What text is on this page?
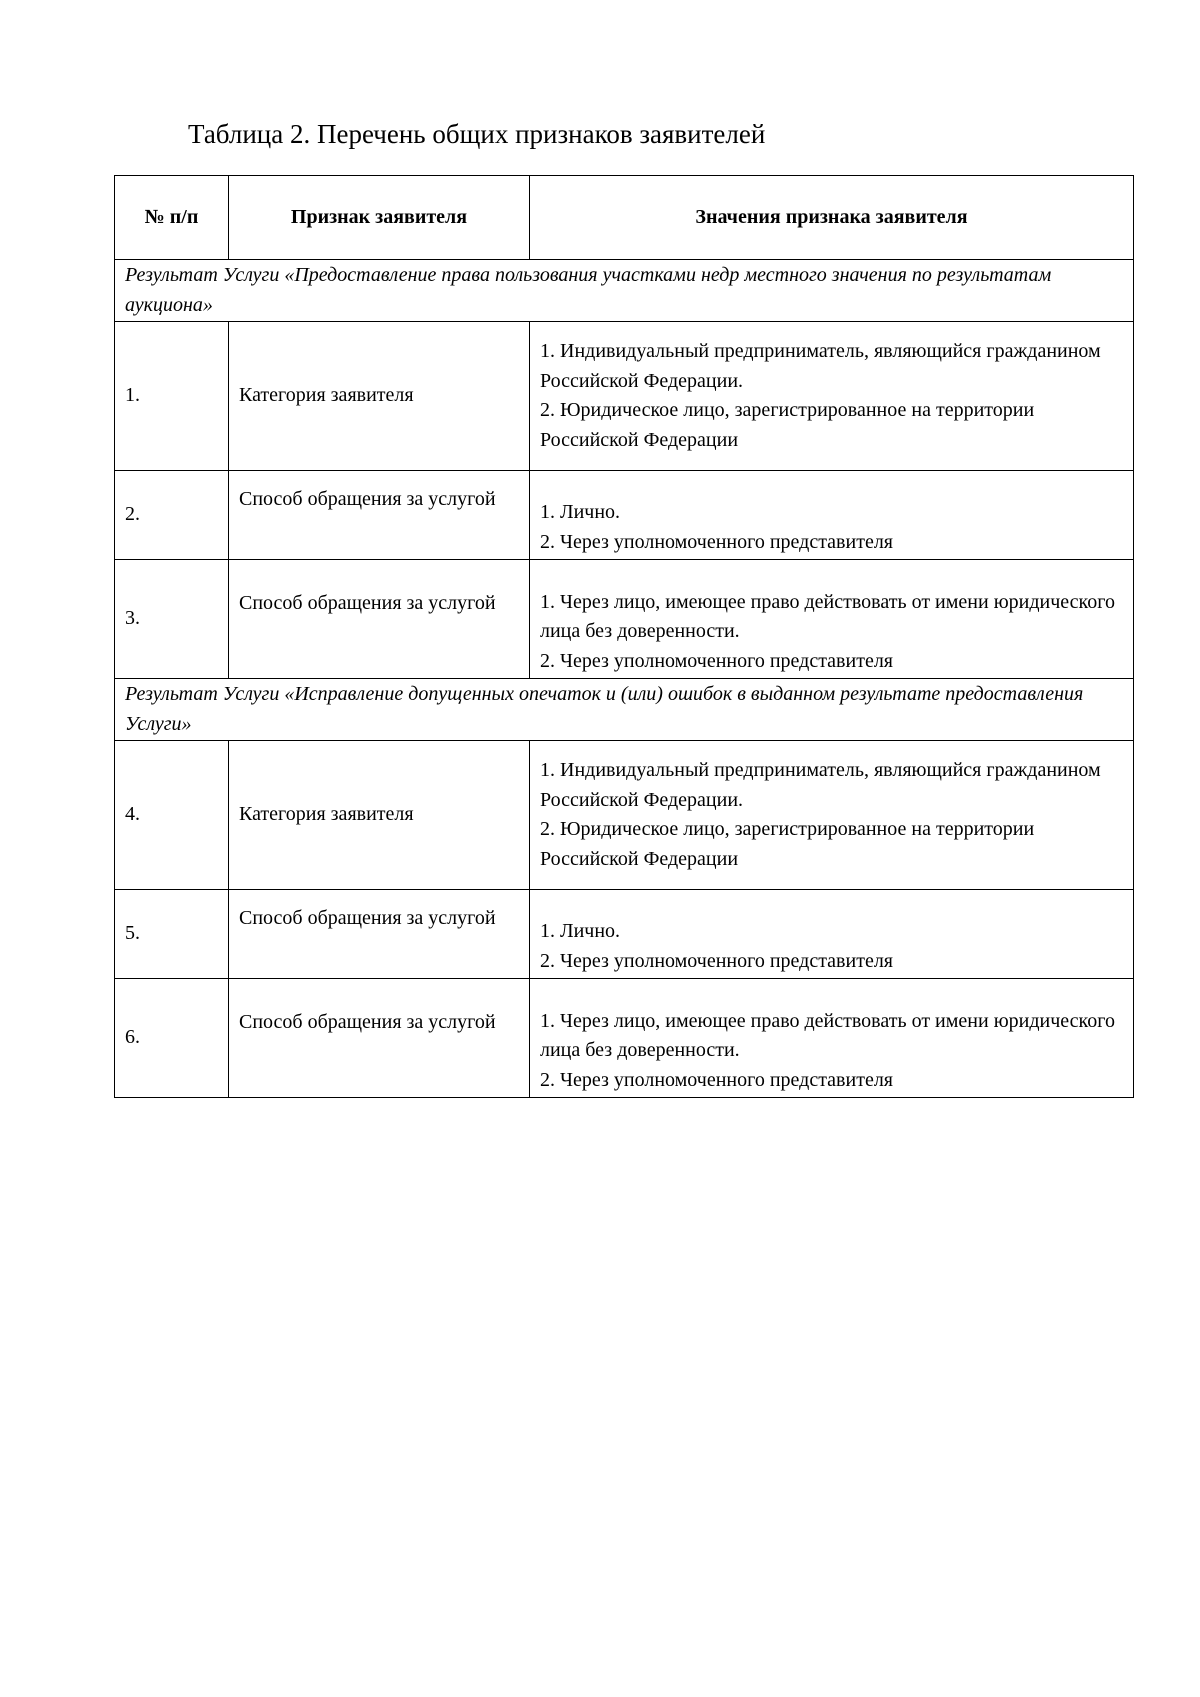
Таблица 2. Перечень общих признаков заявителей
№ п/п	Признак заявителя	Значения признака заявителя
Результат Услуги «Предоставление права пользования участками недр местного значения по результатам аукциона»		
1.	Категория заявителя	1. Индивидуальный предприниматель, являющийся гражданином Российской Федерации.
2. Юридическое лицо, зарегистрированное на территории Российской Федерации

2.	Способ обращения за услугой	1. Лично.
2. Через уполномоченного представителя

3.	Способ обращения за услугой	1. Через лицо, имеющее право действовать от имени юридического лица без доверенности.
2. Через уполномоченного представителя

Результат Услуги «Исправление допущенных опечаток и (или) ошибок в выданном результате предоставления Услуги»		
4.	Категория заявителя	1. Индивидуальный предприниматель, являющийся гражданином Российской Федерации.
2. Юридическое лицо, зарегистрированное на территории Российской Федерации

5.	Способ обращения за услугой	1. Лично.
2. Через уполномоченного представителя

6.	Способ обращения за услугой	1. Через лицо, имеющее право действовать от имени юридического лица без доверенности.
2. Через уполномоченного представителя
